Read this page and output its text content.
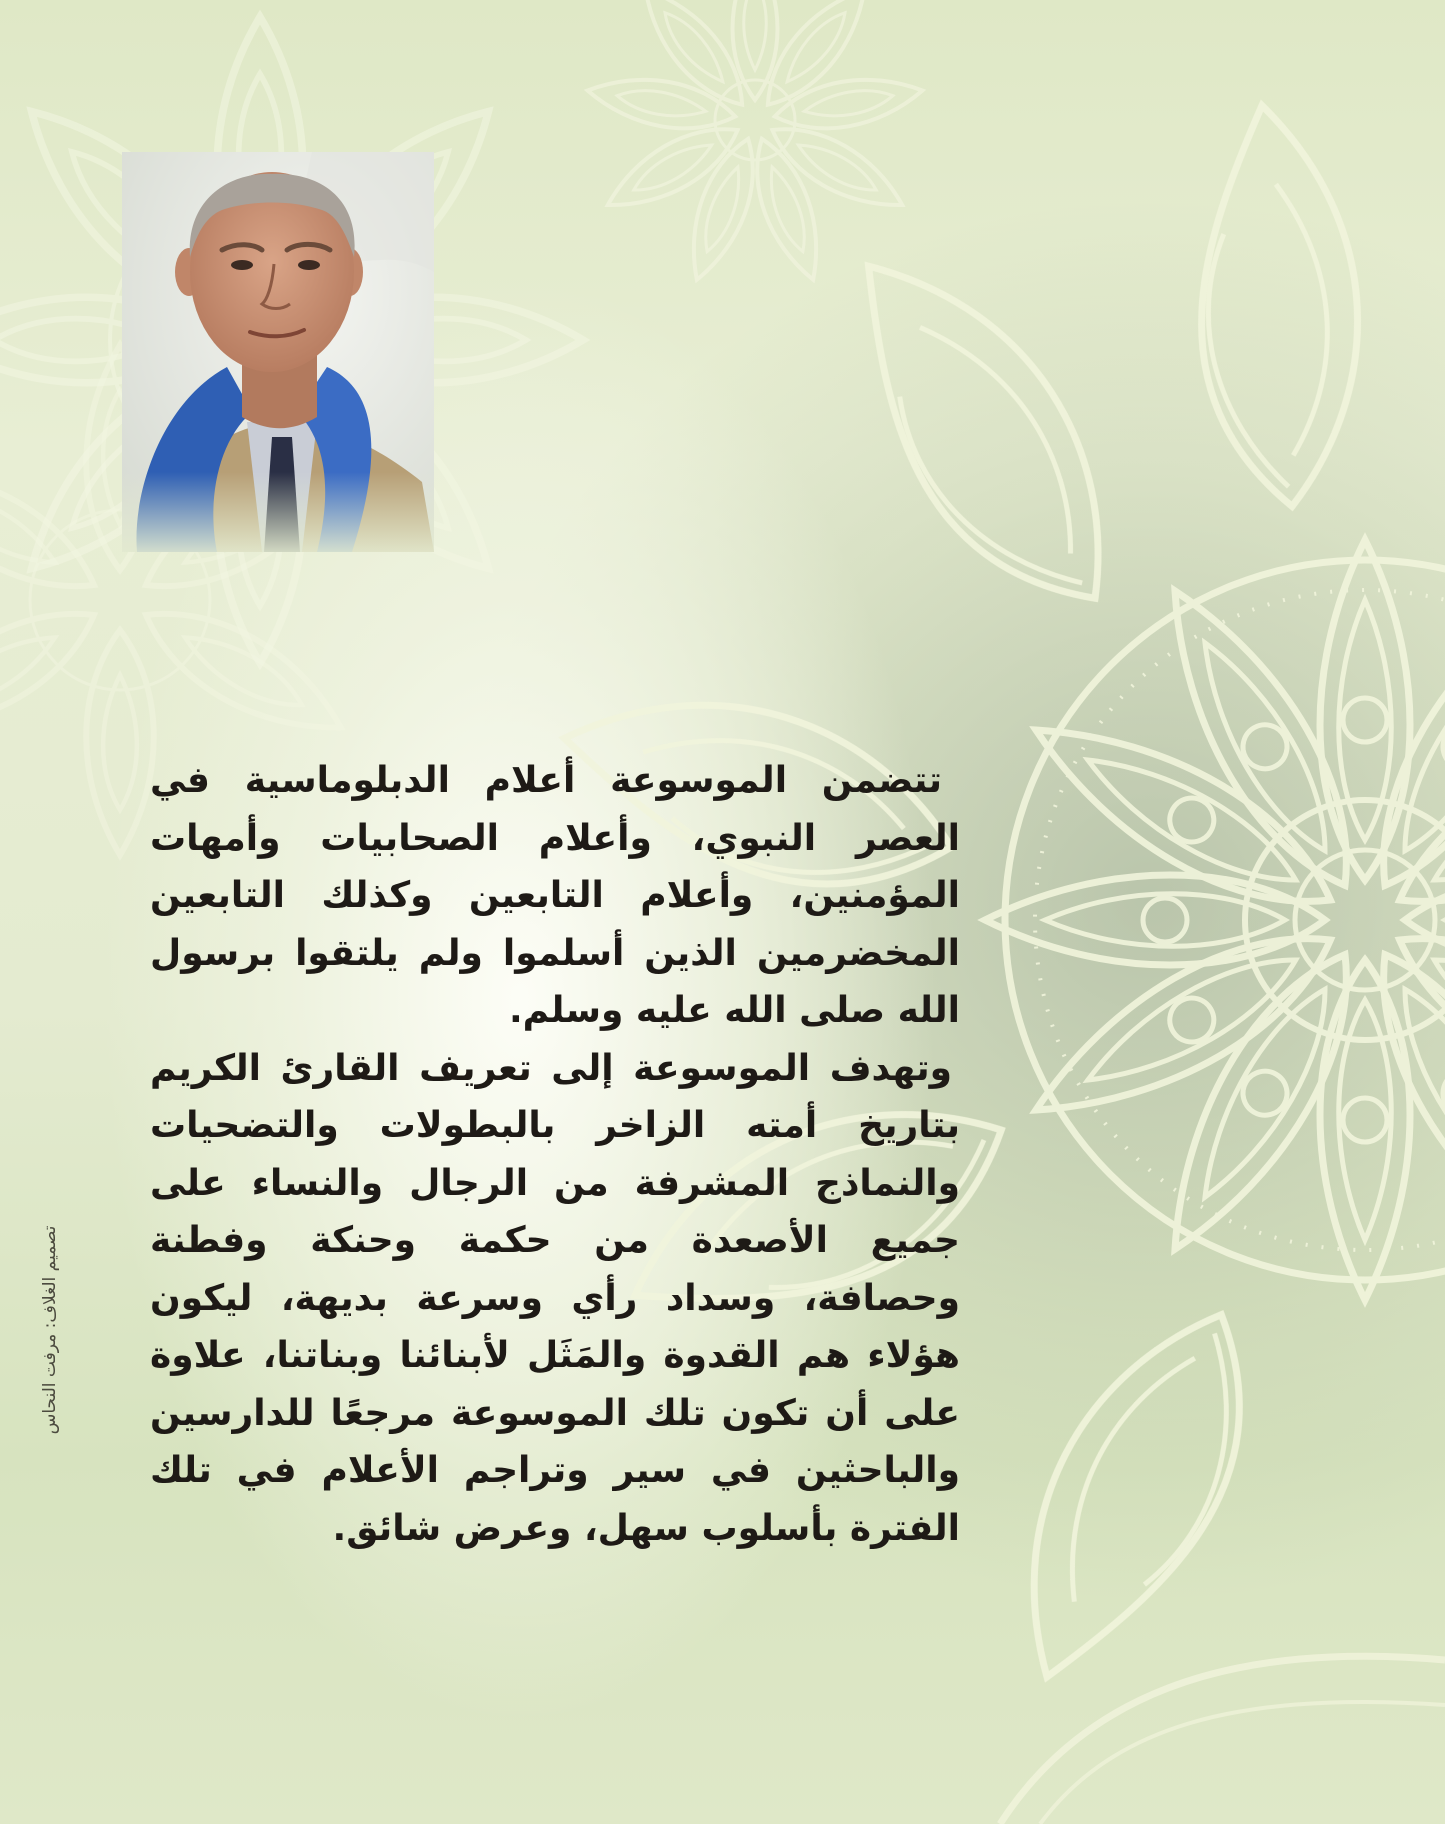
تتضمن الموسوعة أعلام الدبلوماسية في العصر النبوي، وأعلام الصحابيات وأمهات المؤمنين، وأعلام التابعين وكذلك التابعين المخضرمين الذين أسلموا ولم يلتقوا برسول الله صلى الله عليه وسلم.

وتهدف الموسوعة إلى تعريف القارئ الكريم بتاريخ أمته الزاخر بالبطولات والتضحيات والنماذج المشرفة من الرجال والنساء على جميع الأصعدة من حكمة وحنكة وفطنة وحصافة، وسداد رأي وسرعة بديهة، ليكون هؤلاء هم القدوة والمَثَل لأبنائنا وبناتنا، علاوة على أن تكون تلك الموسوعة مرجعًا للدارسين والباحثين في سير وتراجم الأعلام في تلك الفترة بأسلوب سهل، وعرض شائق.

تصميم الغلاف: مرفت النحاس
